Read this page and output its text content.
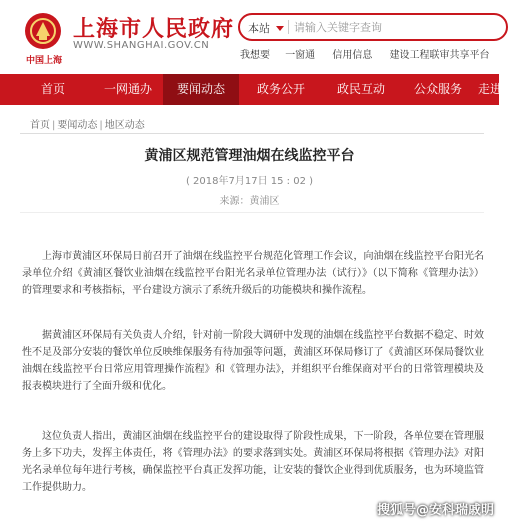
中国上海
上海市人民政府
WWW.SHANGHAI.GOV.CN
本站
请输入关键字查询
我想要 一窗通 信用信息 建设工程联审共享平台
首页	一网通办	要闻动态	政务公开	政民互动	公众服务	走进
首页 | 要闻动态 | 地区动态
黄浦区规范管理油烟在线监控平台
( 2018年7月17日 15 : 02 )
来源：黄浦区

上海市黄浦区环保局日前召开了油烟在线监控平台规范化管理工作会议，向油烟在线监控平台阳光名录单位介绍《黄浦区餐饮业油烟在线监控平台阳光名录单位管理办法（试行）》（以下简称《管理办法》）的管理要求和考核指标，平台建设方演示了系统升级后的功能模块和操作流程。

据黄浦区环保局有关负责人介绍，针对前一阶段大调研中发现的油烟在线监控平台数据不稳定、时效性不足及部分安装的餐饮单位反映维保服务有待加强等问题，黄浦区环保局修订了《黄浦区环保局餐饮业油烟在线监控平台日常应用管理操作流程》和《管理办法》，并组织平台维保商对平台的日常管理模块及报表模块进行了全面升级和优化。

这位负责人指出，黄浦区油烟在线监控平台的建设取得了阶段性成果，下一阶段，各单位要在管理服务上多下功夫，发挥主体责任，将《管理办法》的要求落到实处。黄浦区环保局将根据《管理办法》对阳光名录单位每年进行考核，确保监控平台真正发挥功能，让安装的餐饮企业得到优质服务，也为环境监管工作提供助力。

搜狐号@安科瑞戚明
